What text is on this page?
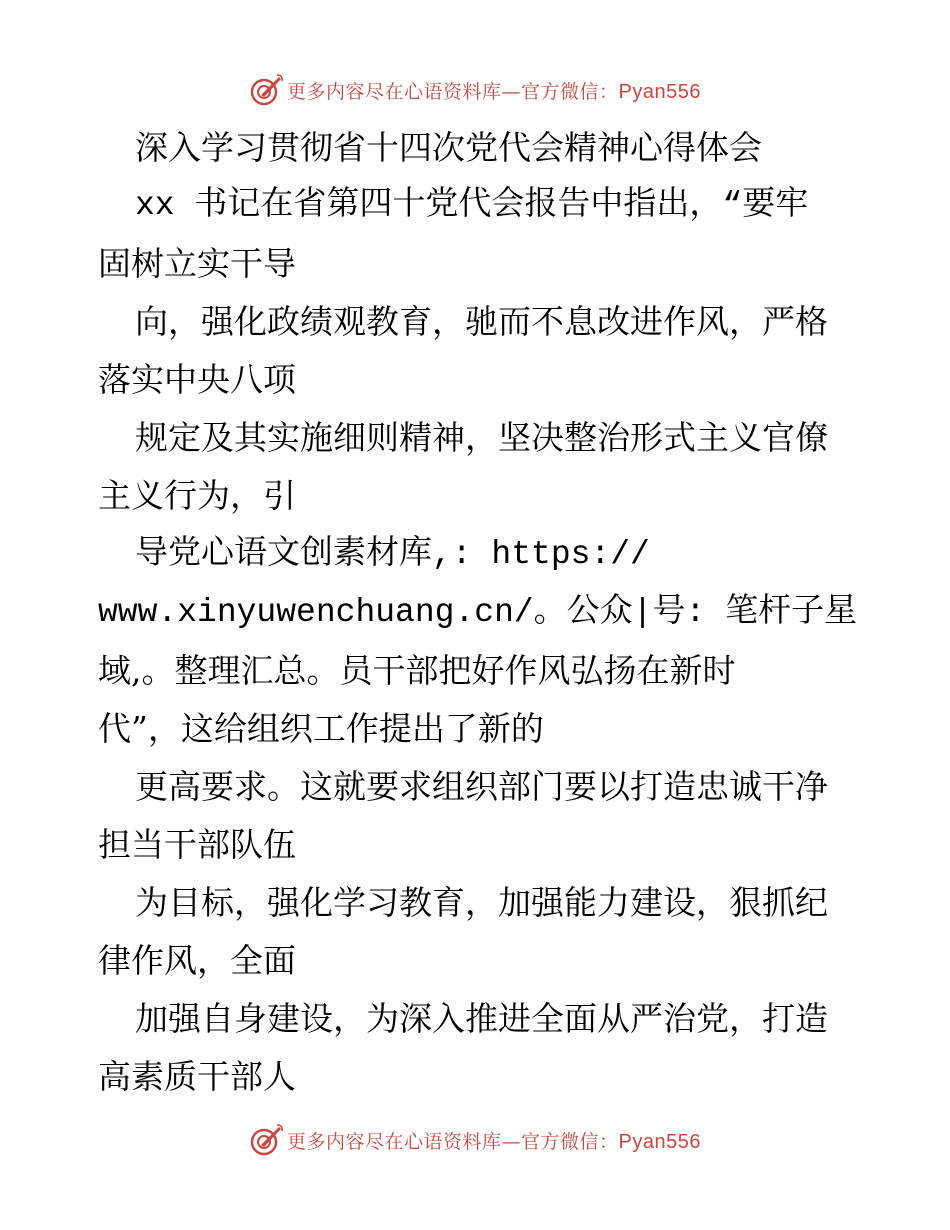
更多内容尽在心语资料库—官方微信：Pyan556
深入学习贯彻省十四次党代会精神心得体会
xx 书记在省第四十党代会报告中指出，“要牢
固树立实干导
向，强化政绩观教育，驰而不息改进作风，严格
落实中央八项
规定及其实施细则精神，坚决整治形式主义官僚
主义行为，引
导党心语文创素材库,: https://
www.xinyuwenchuang.cn/。公众|号: 笔杆子星
域,。整理汇总。员干部把好作风弘扬在新时
代”，这给组织工作提出了新的
更高要求。这就要求组织部门要以打造忠诚干净
担当干部队伍
为目标，强化学习教育，加强能力建设，狠抓纪
律作风，全面
加强自身建设，为深入推进全面从严治党，打造
高素质干部人
更多内容尽在心语资料库—官方微信：Pyan556
